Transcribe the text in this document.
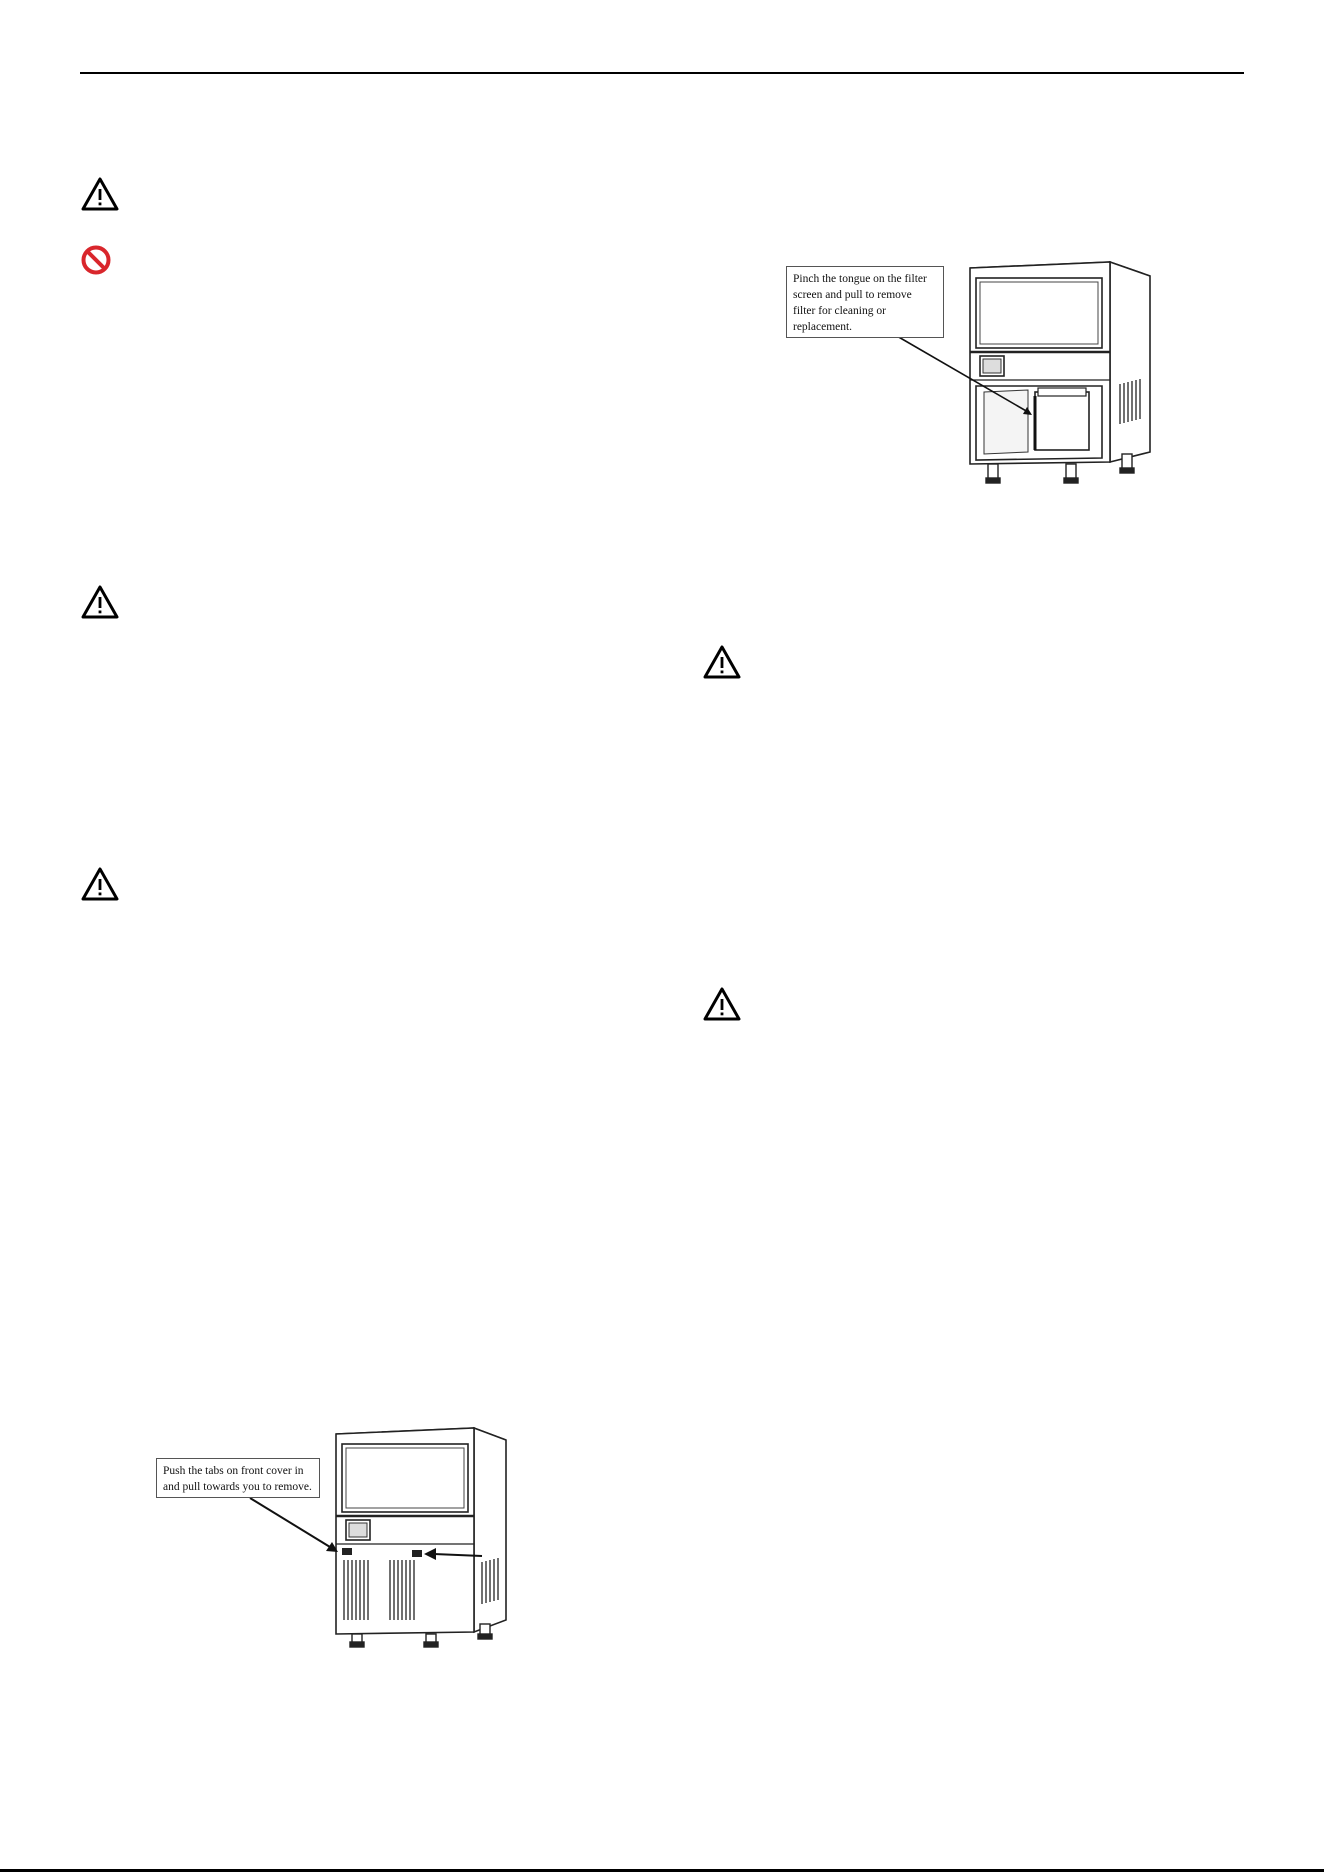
Pinch the tongue on the filter
screen and pull to remove
filter for cleaning or
replacement.
Push the tabs on front cover in
and pull towards you to remove.
